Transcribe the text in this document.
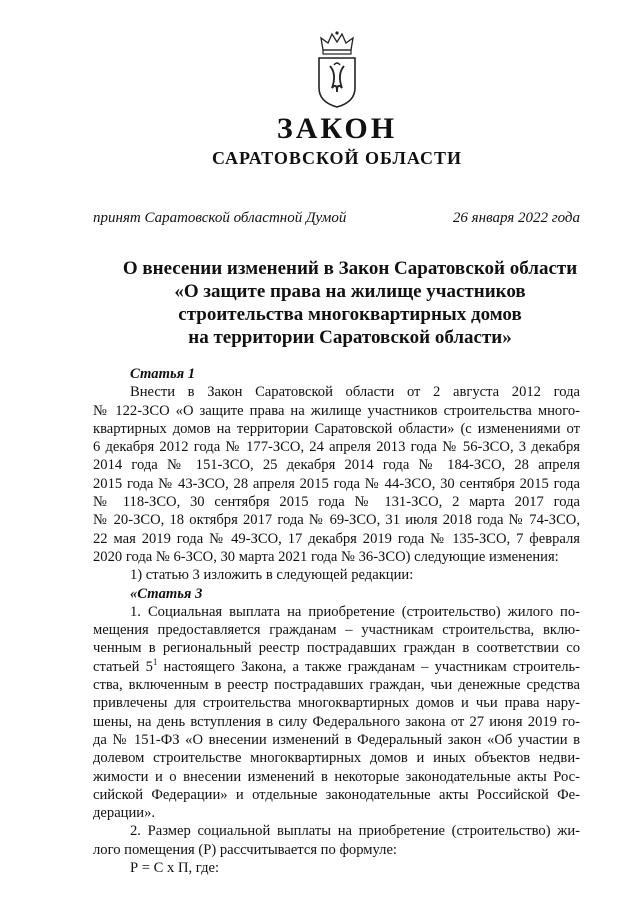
ЗАКОН
САРАТОВСКОЙ ОБЛАСТИ
принят Саратовской областной Думой	26 января 2022 года
О внесении изменений в Закон Саратовской области
«О защите права на жилище участников
строительства многоквартирных домов
на территории Саратовской области»
Статья 1
Внести в Закон Саратовской области от 2 августа 2012 года
№ 122-ЗСО «О защите права на жилище участников строительства много-
квартирных домов на территории Саратовской области» (с изменениями от
6 декабря 2012 года № 177-ЗСО, 24 апреля 2013 года № 56-ЗСО, 3 декабря
2014 года № 151-ЗСО, 25 декабря 2014 года № 184-ЗСО, 28 апреля
2015 года № 43-ЗСО, 28 апреля 2015 года № 44-ЗСО, 30 сентября 2015 года
№ 118-ЗСО, 30 сентября 2015 года № 131-ЗСО, 2 марта 2017 года
№ 20-ЗСО, 18 октября 2017 года № 69-ЗСО, 31 июля 2018 года № 74-ЗСО,
22 мая 2019 года № 49-ЗСО, 17 декабря 2019 года № 135-ЗСО, 7 февраля
2020 года № 6-ЗСО, 30 марта 2021 года № 36-ЗСО) следующие изменения:
1) статью 3 изложить в следующей редакции:
«Статья 3
1. Социальная выплата на приобретение (строительство) жилого по-
мещения предоставляется гражданам – участникам строительства, вклю-
ченным в региональный реестр пострадавших граждан в соответствии со
статьей $5^1$ настоящего Закона, а также гражданам – участникам строитель-
ства, включенным в реестр пострадавших граждан, чьи денежные средства
привлечены для строительства многоквартирных домов и чьи права нару-
шены, на день вступления в силу Федерального закона от 27 июня 2019 го-
да № 151-ФЗ «О внесении изменений в Федеральный закон «Об участии в
долевом строительстве многоквартирных домов и иных объектов недви-
жимости и о внесении изменений в некоторые законодательные акты Рос-
сийской Федерации» и отдельные законодательные акты Российской Фе-
дерации».
2. Размер социальной выплаты на приобретение (строительство) жи-
лого помещения (Р) рассчитывается по формуле:
Р = С х П, где:
